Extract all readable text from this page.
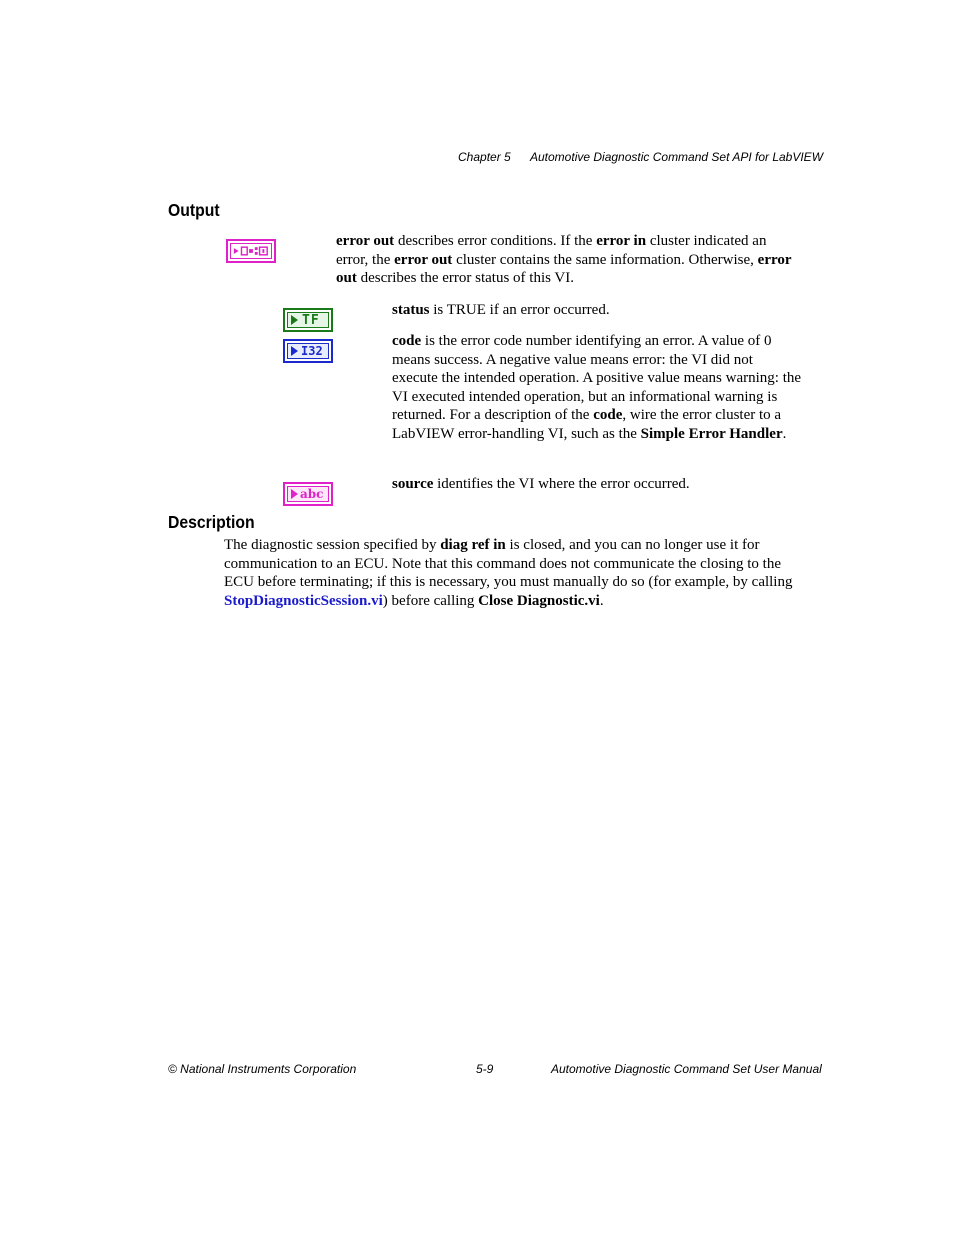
Chapter 5 Automotive Diagnostic Command Set API for LabVIEW
Output
error out describes error conditions. If the error in cluster indicated an error, the error out cluster contains the same information. Otherwise, error out describes the error status of this VI.
TF
status is TRUE if an error occurred.
I32
code is the error code number identifying an error. A value of 0 means success. A negative value means error: the VI did not execute the intended operation. A positive value means warning: the VI executed intended operation, but an informational warning is returned. For a description of the code, wire the error cluster to a LabVIEW error-handling VI, such as the Simple Error Handler.
abc
source identifies the VI where the error occurred.
Description
The diagnostic session specified by diag ref in is closed, and you can no longer use it for communication to an ECU. Note that this command does not communicate the closing to the ECU before terminating; if this is necessary, you must manually do so (for example, by calling StopDiagnosticSession.vi) before calling Close Diagnostic.vi.
© National Instruments Corporation	5-9	Automotive Diagnostic Command Set User Manual
